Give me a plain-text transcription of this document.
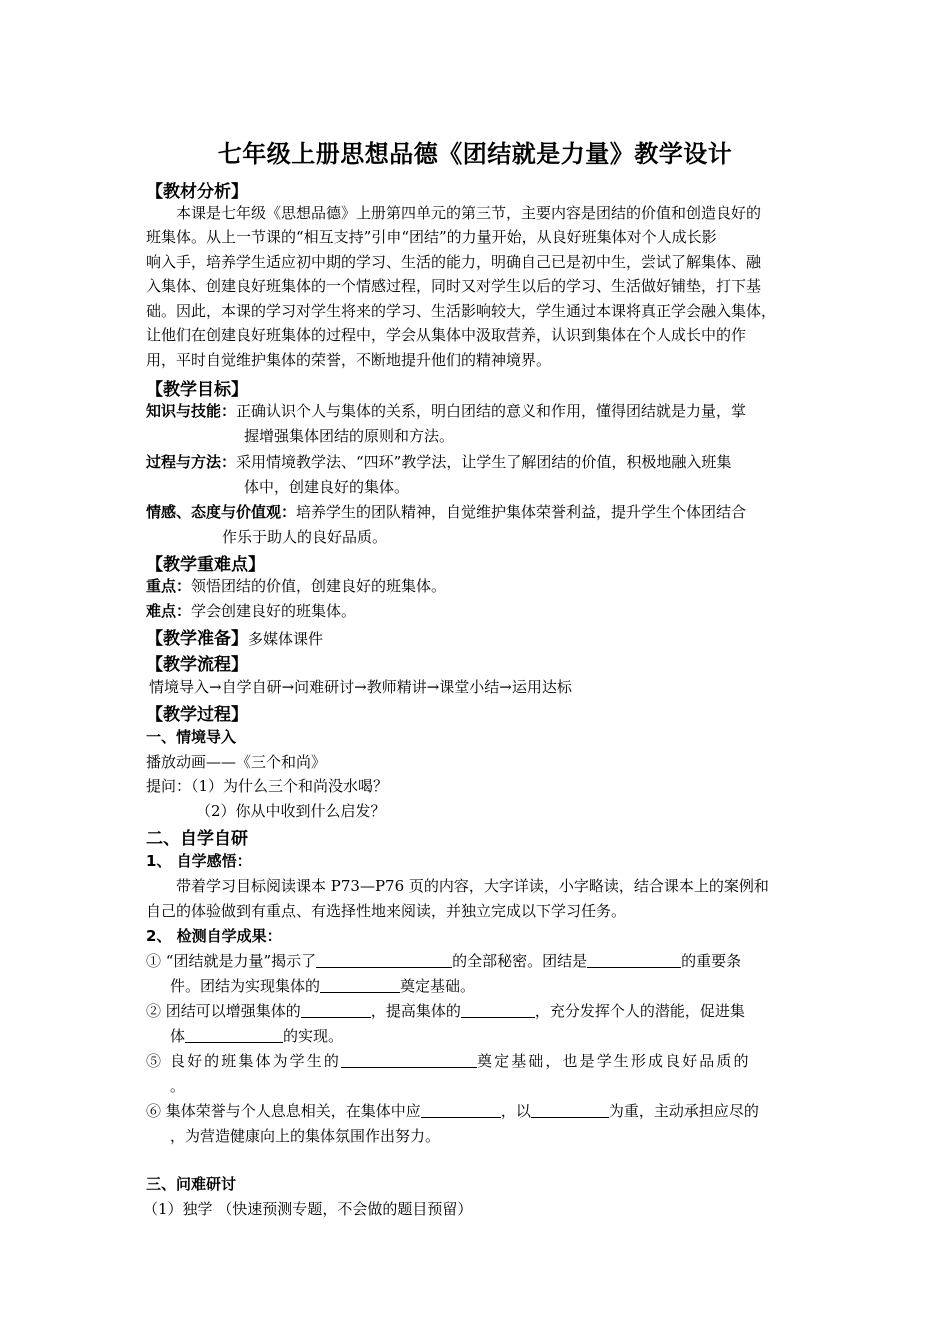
七年级上册思想品德《团结就是力量》教学设计
【教材分析】
本课是七年级《思想品德》上册第四单元的第三节，主要内容是团结的价值和创造良好的
班集体。从上一节课的“相互支持”引申“团结”的力量开始，从良好班集体对个人成长影
响入手，培养学生适应初中期的学习、生活的能力，明确自己已是初中生，尝试了解集体、融
入集体、创建良好班集体的一个情感过程，同时又对学生以后的学习、生活做好铺垫，打下基
础。因此，本课的学习对学生将来的学习、生活影响较大，学生通过本课将真正学会融入集体，
让他们在创建良好班集体的过程中，学会从集体中汲取营养，认识到集体在个人成长中的作
用，平时自觉维护集体的荣誉，不断地提升他们的精神境界。
【教学目标】
知识与技能：正确认识个人与集体的关系，明白团结的意义和作用，懂得团结就是力量，掌
握增强集体团结的原则和方法。
过程与方法：采用情境教学法、“四环”教学法，让学生了解团结的价值，积极地融入班集
体中，创建良好的集体。
情感、态度与价值观：培养学生的团队精神，自觉维护集体荣誉利益，提升学生个体团结合
作乐于助人的良好品质。
【教学重难点】
重点：领悟团结的价值，创建良好的班集体。
难点：学会创建良好的班集体。
【教学准备】多媒体课件
【教学流程】
情境导入→自学自研→问难研讨→教师精讲→课堂小结→运用达标
【教学过程】
一、情境导入
播放动画——《三个和尚》
提问：（1）为什么三个和尚没水喝？
（2）你从中收到什么启发？
二、自学自研
1、 自学感悟：
带着学习目标阅读课本 P73—P76 页的内容，大字详读，小字略读，结合课本上的案例和
自己的体验做到有重点、有选择性地来阅读，并独立完成以下学习任务。
2、 检测自学成果：
① “团结就是力量”揭示了	的全部秘密。团结是	的重要条
件。团结为实现集体的	奠定基础。
② 团结可以增强集体的	，提高集体的	，充分发挥个人的潜能，促进集
体	的实现。
⑤ 良好的班集体为学生的	奠定基础，也是学生形成良好品质的
。
⑥ 集体荣誉与个人息息相关，在集体中应	，以	为重，主动承担应尽的
，为营造健康向上的集体氛围作出努力。
三、问难研讨
（1）独学 （快速预测专题，不会做的题目预留）
